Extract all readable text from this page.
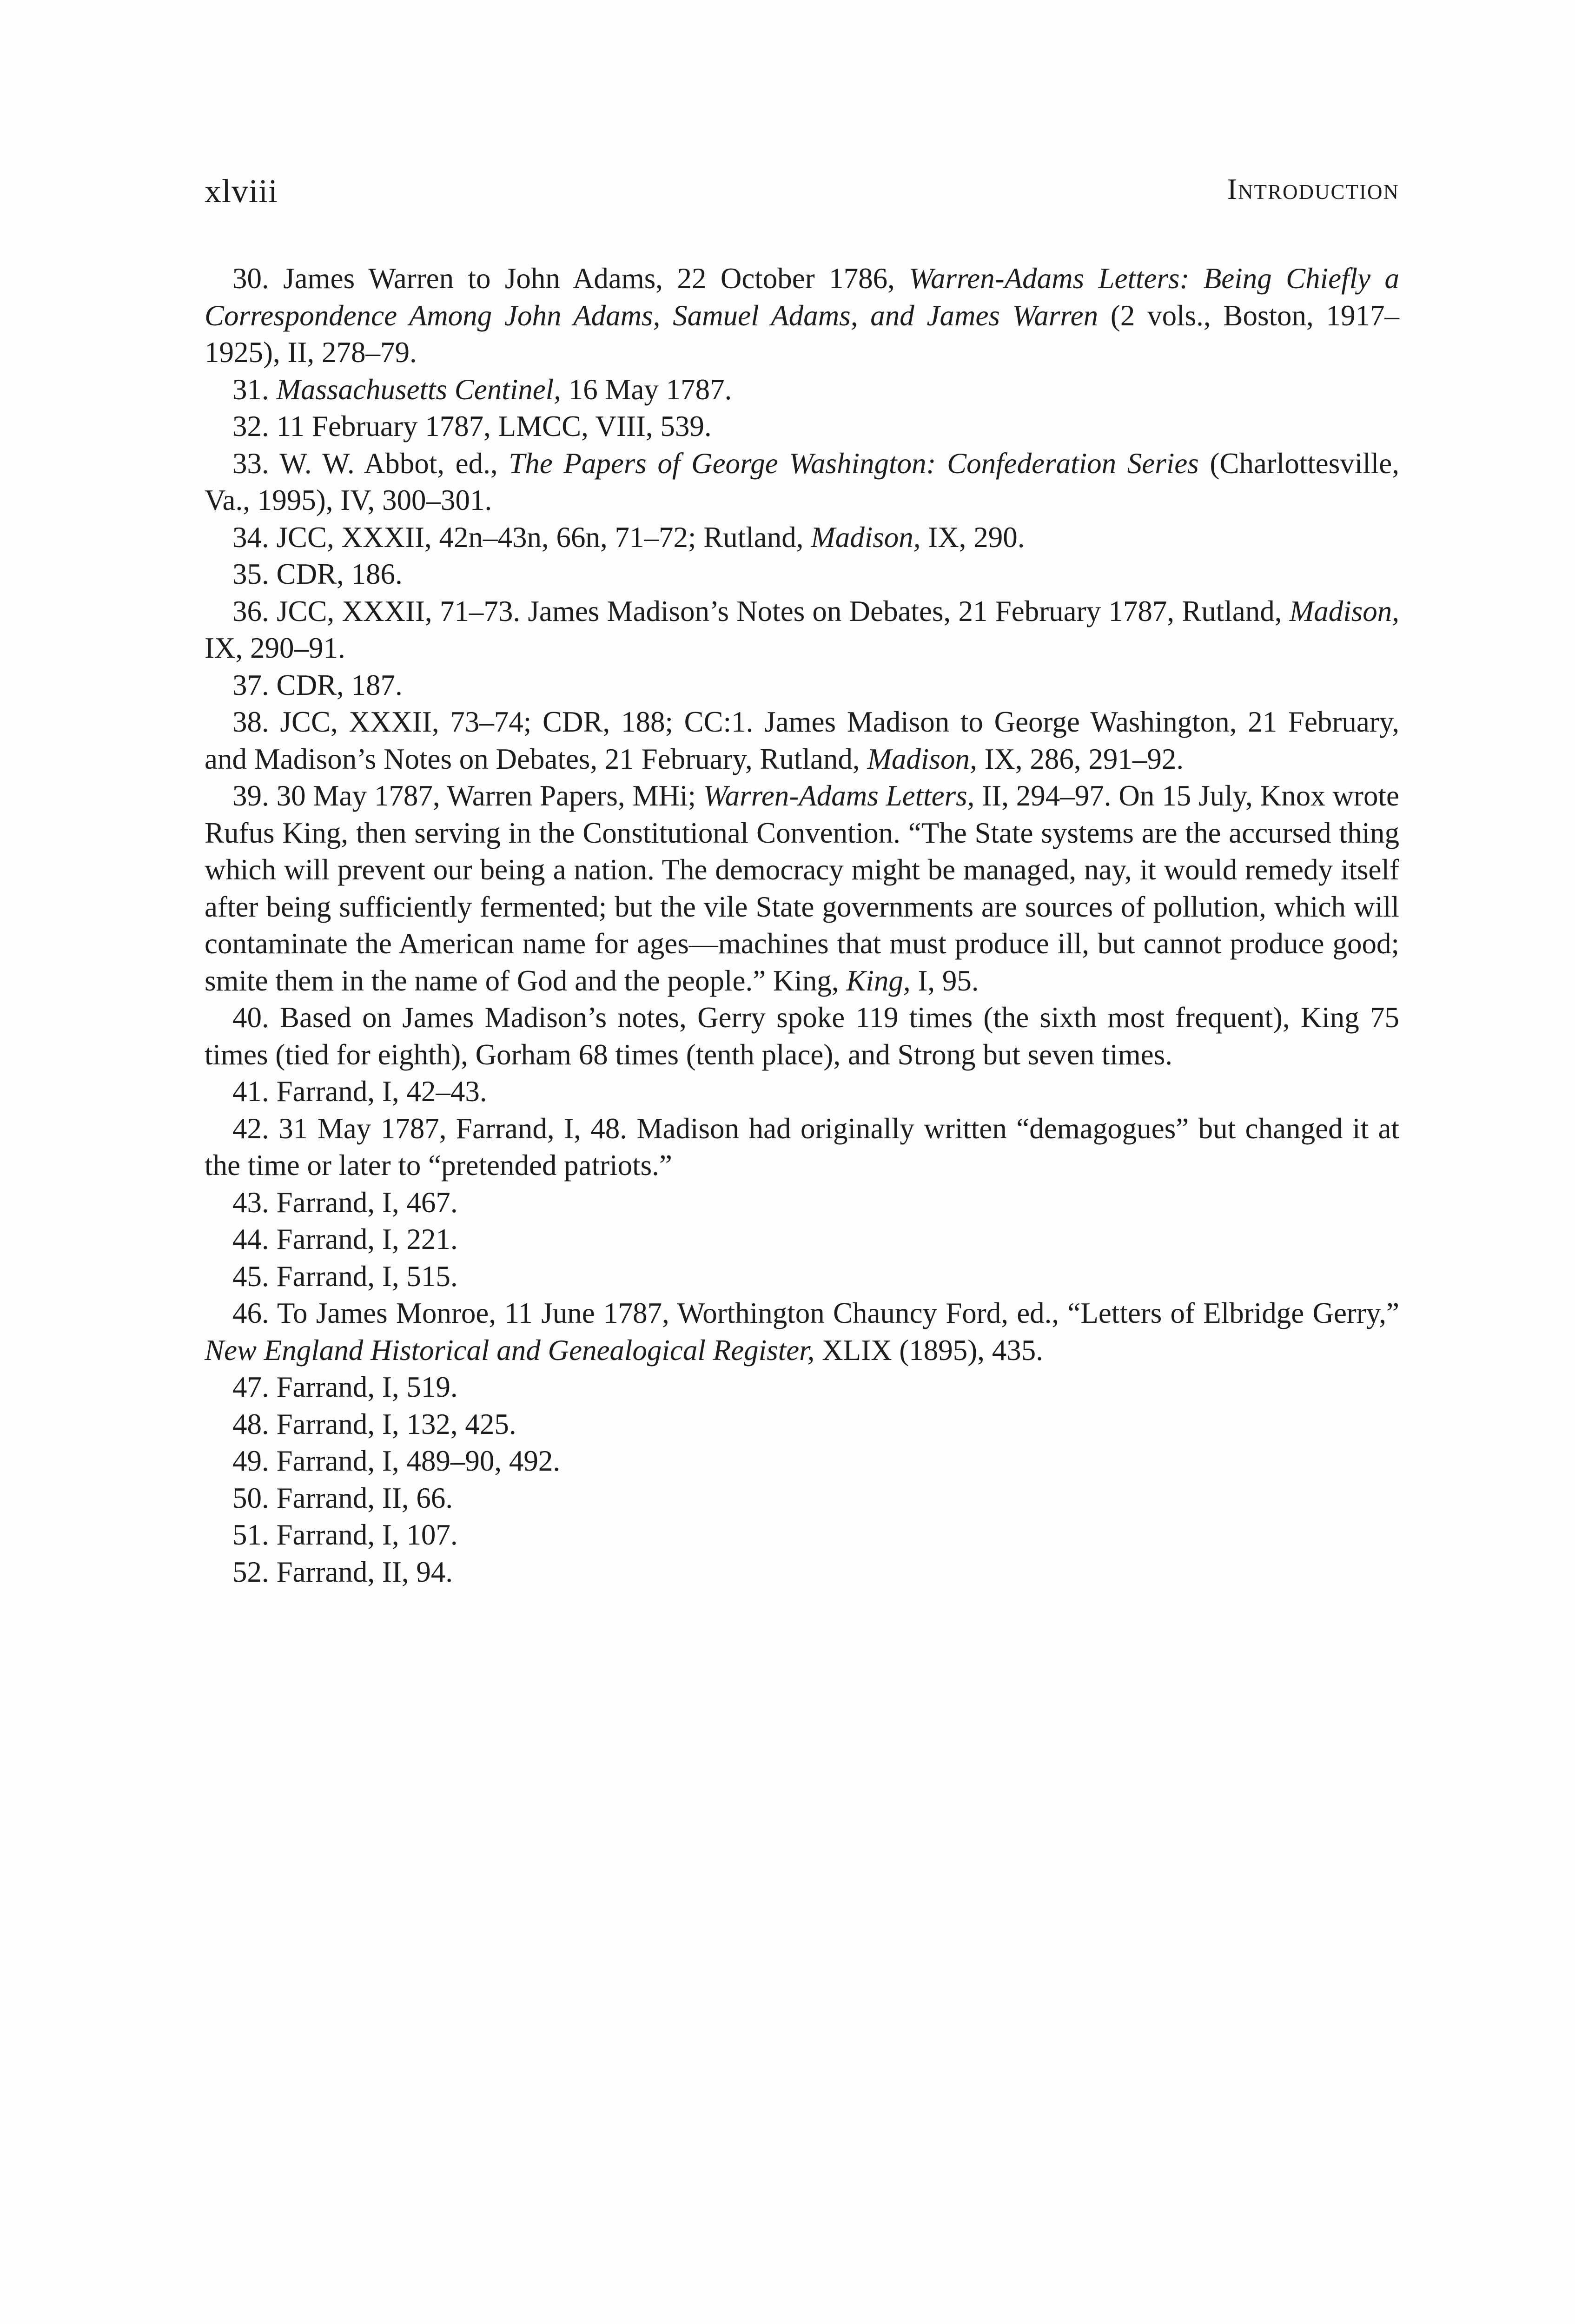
xlviii	Introduction

30. James Warren to John Adams, 22 October 1786, Warren-Adams Letters: Being Chiefly a Correspondence Among John Adams, Samuel Adams, and James Warren (2 vols., Boston, 1917–1925), II, 278–79.

31. Massachusetts Centinel, 16 May 1787.

32. 11 February 1787, LMCC, VIII, 539.

33. W. W. Abbot, ed., The Papers of George Washington: Confederation Series (Charlottesville, Va., 1995), IV, 300–301.

34. JCC, XXXII, 42n–43n, 66n, 71–72; Rutland, Madison, IX, 290.

35. CDR, 186.

36. JCC, XXXII, 71–73. James Madison’s Notes on Debates, 21 February 1787, Rutland, Madison, IX, 290–91.

37. CDR, 187.

38. JCC, XXXII, 73–74; CDR, 188; CC:1. James Madison to George Washington, 21 February, and Madison’s Notes on Debates, 21 February, Rutland, Madison, IX, 286, 291–92.

39. 30 May 1787, Warren Papers, MHi; Warren-Adams Letters, II, 294–97. On 15 July, Knox wrote Rufus King, then serving in the Constitutional Convention. “The State systems are the accursed thing which will prevent our being a nation. The democracy might be managed, nay, it would remedy itself after being sufficiently fermented; but the vile State governments are sources of pollution, which will contaminate the American name for ages—machines that must produce ill, but cannot produce good; smite them in the name of God and the people.” King, King, I, 95.

40. Based on James Madison’s notes, Gerry spoke 119 times (the sixth most frequent), King 75 times (tied for eighth), Gorham 68 times (tenth place), and Strong but seven times.

41. Farrand, I, 42–43.

42. 31 May 1787, Farrand, I, 48. Madison had originally written “demagogues” but changed it at the time or later to “pretended patriots.”

43. Farrand, I, 467.

44. Farrand, I, 221.

45. Farrand, I, 515.

46. To James Monroe, 11 June 1787, Worthington Chauncy Ford, ed., “Letters of Elbridge Gerry,” New England Historical and Genealogical Register, XLIX (1895), 435.

47. Farrand, I, 519.

48. Farrand, I, 132, 425.

49. Farrand, I, 489–90, 492.

50. Farrand, II, 66.

51. Farrand, I, 107.

52. Farrand, II, 94.
